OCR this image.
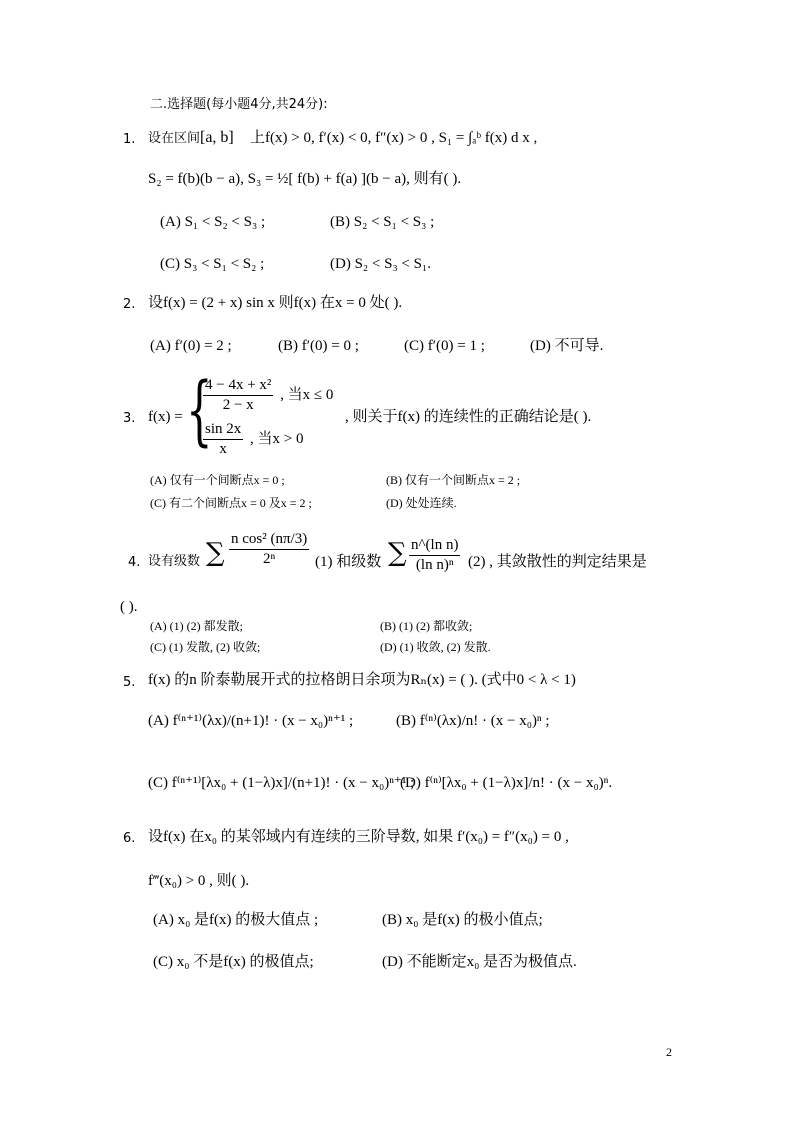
二.选择题(每小题4分,共24分):
1. 设在区间 [a, b] 上f(x) > 0, f′(x) < 0, f″(x) > 0 , S₁ = ∫ₐᵇ f(x) d x ,
S₂ = f(b)(b − a), S₃ = ½[ f(b) + f(a) ](b − a), 则有( ).
(A) S₁ < S₂ < S₃ ;	(B) S₂ < S₁ < S₃ ;
(C) S₃ < S₁ < S₂ ;	(D) S₂ < S₃ < S₁.
2. 设f(x) = (2 + x) sin x 则f(x) 在x = 0 处( ).
(A) f′(0) = 2 ;	(B) f′(0) = 0 ;	(C) f′(0) = 1 ;	(D) 不可导.
3. f(x) = {
$\frac{\text{4 − 4x + x²}}{2 - x}$ , 当x ≤ 0
$\frac{\sin 2x}{x}$ , 当x > 0
, 则关于f(x) 的连续性的正确结论是( ).
(A) 仅有一个间断点x = 0 ;	(B) 仅有一个间断点x = 2 ;
(C) 有二个间断点x = 0 及x = 2 ;	(D) 处处连续.
4. 设有级数 ∑ $\frac{\text{n cos² (nπ/3)}}{\text{2ⁿ}} (1)$ 和级数 ∑ $\frac{\text{n\textasciicircum{}(ln n)}}{\text{(ln n)ⁿ}} (2)$ , 其敛散性的判定结果是
( ).
(A) (1) (2) 都发散;	(B) (1) (2) 都收敛;
(C) (1) 发散, (2) 收敛;	(D) (1) 收敛, (2) 发散.
5. f(x) 的n 阶泰勒展开式的拉格朗日余项为Rₙ(x) = ( ). (式中0 < λ < 1)
(A) f⁽ⁿ⁺¹⁾(λx)/(n+1)! · (x − x₀)ⁿ⁺¹ ;	(B) f⁽ⁿ⁾(λx)/n! · (x − x₀)ⁿ ;
(C) f⁽ⁿ⁺¹⁾[λx₀ + (1−λ)x]/(n+1)! · (x − x₀)ⁿ⁺¹ ;
(D) f⁽ⁿ⁾[λx₀ + (1−λ)x]/n! · (x − x₀)ⁿ.
6. 设f(x) 在x₀ 的某邻域内有连续的三阶导数, 如果 f′(x₀) = f″(x₀) = 0 ,
f‴(x₀) > 0 , 则( ).
(A) x₀ 是f(x) 的极大值点 ;	(B) x₀ 是f(x) 的极小值点;
(C) x₀ 不是f(x) 的极值点;	(D) 不能断定x₀ 是否为极值点.
2
